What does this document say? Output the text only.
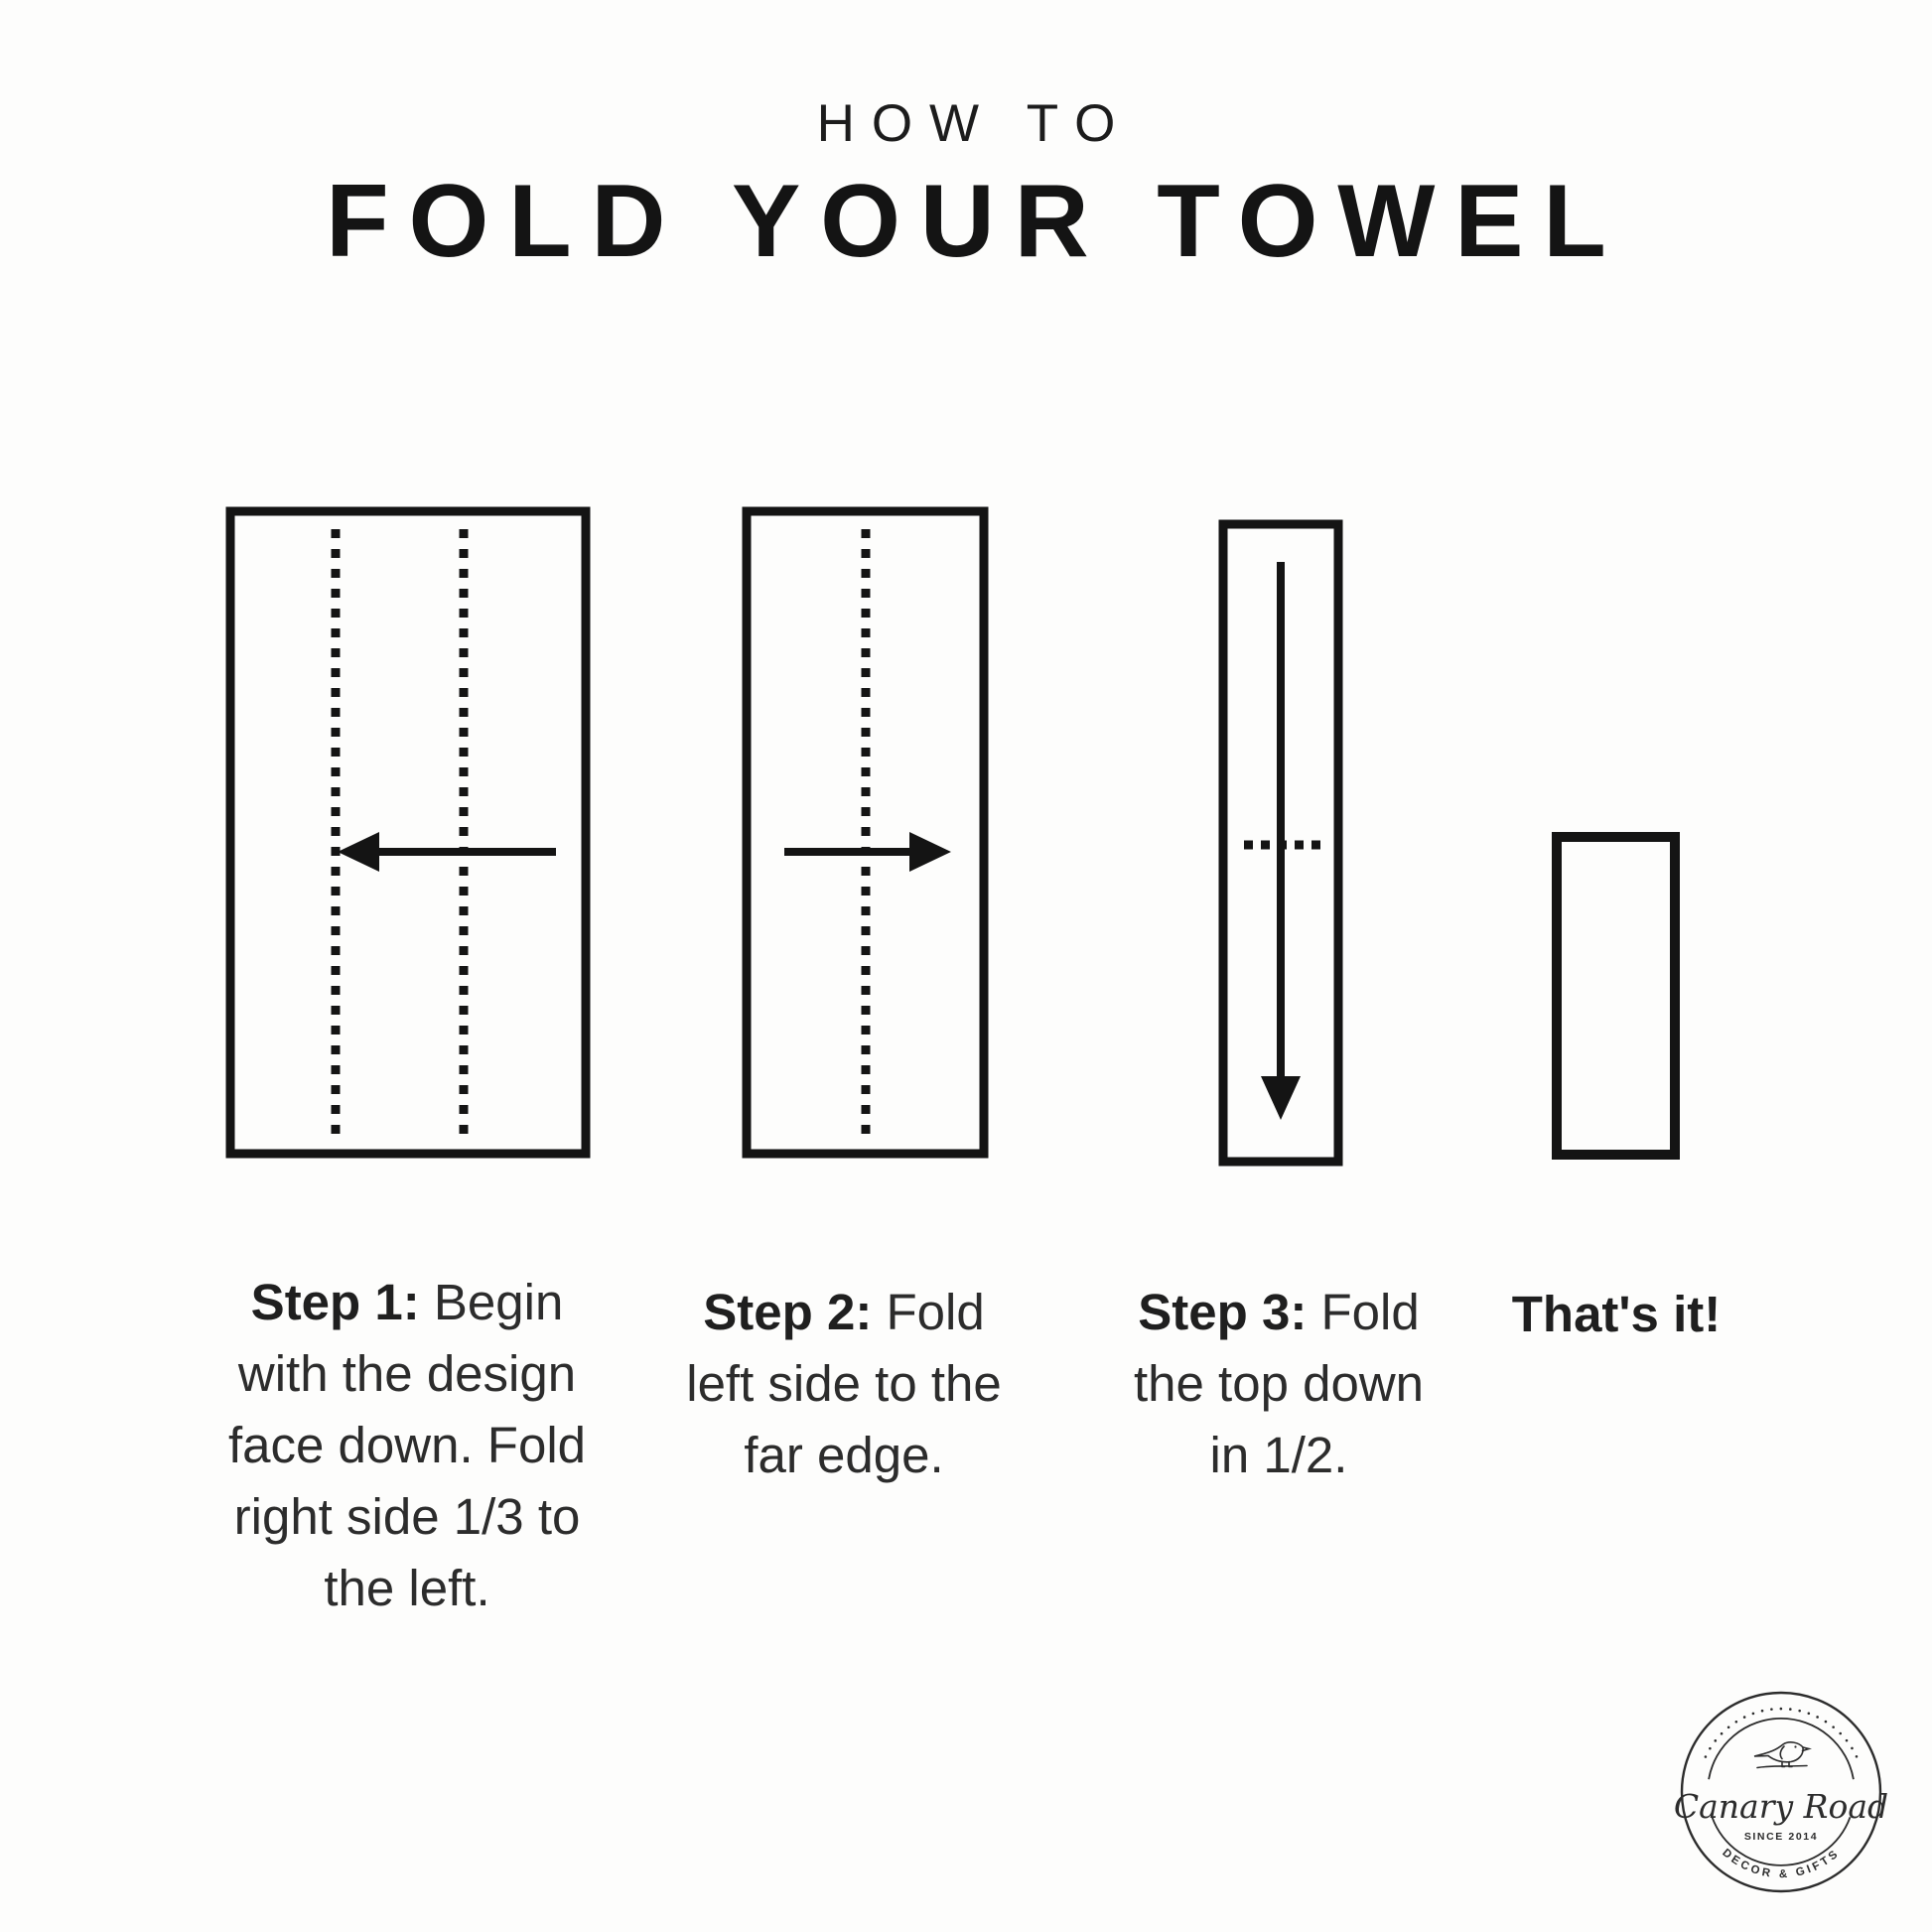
HOW TO
FOLD YOUR TOWEL
Step 1: Begin with the design face down. Fold right side 1/3 to the left.
Step 2: Fold left side to the far edge.
Step 3: Fold the top down in 1/2.
That's it!
Canary Road
SINCE 2014
DECOR & GIFTS
